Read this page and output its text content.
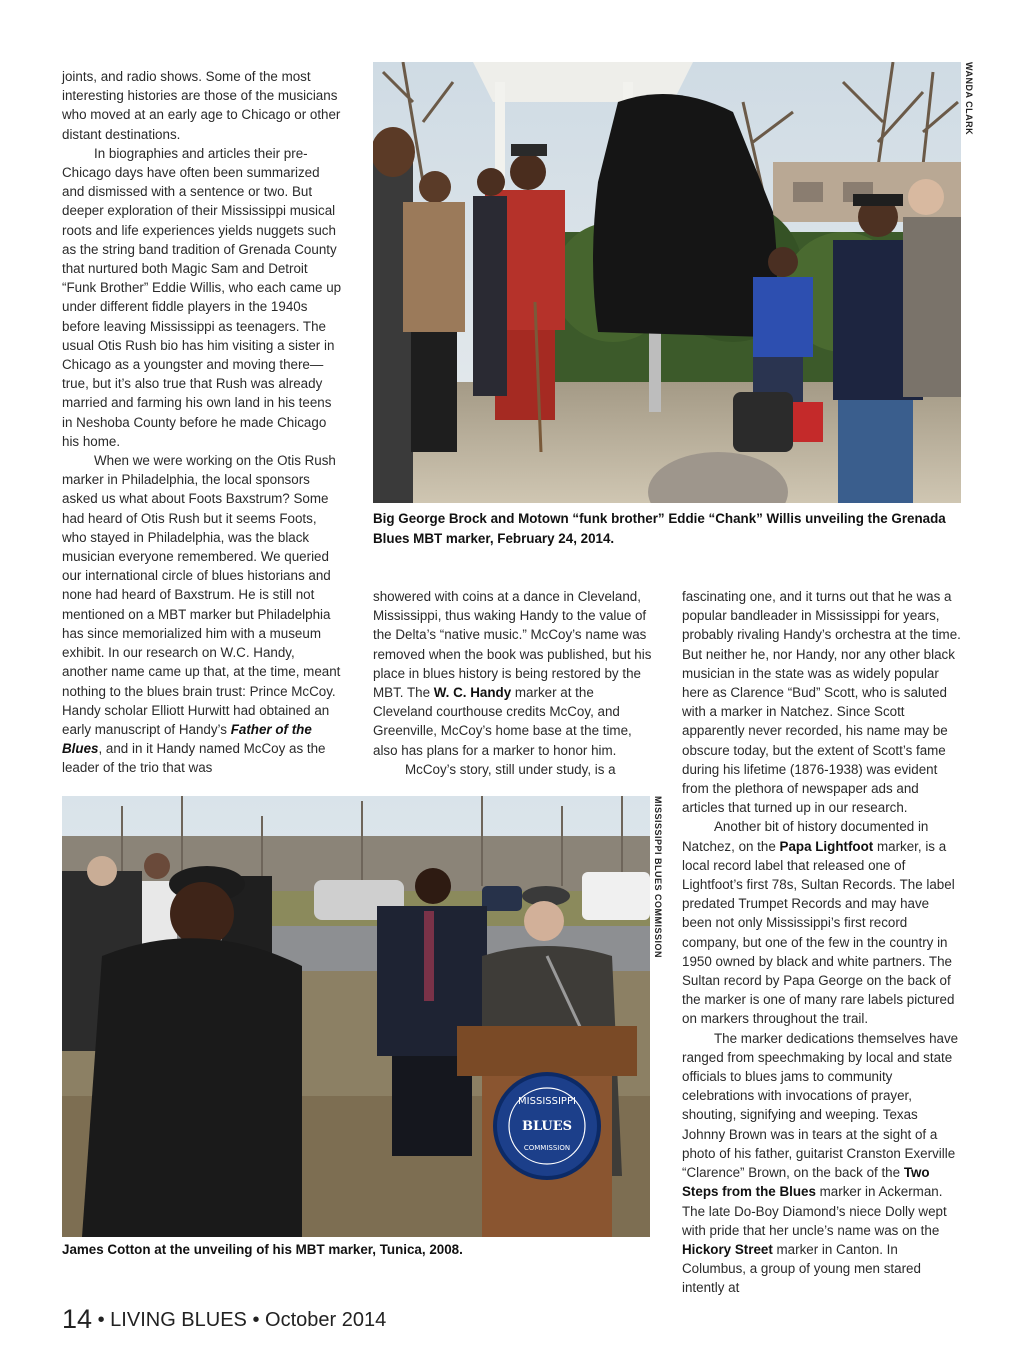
joints, and radio shows. Some of the most interesting histories are those of the musicians who moved at an early age to Chicago or other distant destinations.

In biographies and articles their pre-Chicago days have often been summarized and dismissed with a sentence or two. But deeper exploration of their Mississippi musical roots and life experiences yields nuggets such as the string band tradition of Grenada County that nurtured both Magic Sam and Detroit “Funk Brother” Eddie Willis, who each came up under different fiddle players in the 1940s before leaving Mississippi as teenagers. The usual Otis Rush bio has him visiting a sister in Chicago as a youngster and moving there—true, but it’s also true that Rush was already married and farming his own land in his teens in Neshoba County before he made Chicago his home.

When we were working on the Otis Rush marker in Philadelphia, the local sponsors asked us what about Foots Baxstrum? Some had heard of Otis Rush but it seems Foots, who stayed in Philadelphia, was the black musician everyone remembered. We queried our international circle of blues historians and none had heard of Baxstrum. He is still not mentioned on a MBT marker but Philadelphia has since memorialized him with a museum exhibit. In our research on W.C. Handy, another name came up that, at the time, meant nothing to the blues brain trust: Prince McCoy. Handy scholar Elliott Hurwitt had obtained an early manuscript of Handy’s Father of the Blues, and in it Handy named McCoy as the leader of the trio that was

WANDA CLARK
Big George Brock and Motown “funk brother” Eddie “Chank” Willis unveiling the Grenada Blues MBT marker, February 24, 2014.

showered with coins at a dance in Cleveland, Mississippi, thus waking Handy to the value of the Delta’s “native music.” McCoy’s name was removed when the book was published, but his place in blues history is being restored by the MBT. The W. C. Handy marker at the Cleveland courthouse credits McCoy, and Greenville, McCoy’s home base at the time, also has plans for a marker to honor him.

McCoy’s story, still under study, is a

fascinating one, and it turns out that he was a popular bandleader in Mississippi for years, probably rivaling Handy’s orchestra at the time. But neither he, nor Handy, nor any other black musician in the state was as widely popular here as Clarence “Bud” Scott, who is saluted with a marker in Natchez. Since Scott apparently never recorded, his name may be obscure today, but the extent of Scott’s fame during his lifetime (1876-1938) was evident from the plethora of newspaper ads and articles that turned up in our research.

Another bit of history documented in Natchez, on the Papa Lightfoot marker, is a local record label that released one of Lightfoot’s first 78s, Sultan Records. The label predated Trumpet Records and may have been not only Mississippi’s first record company, but one of the few in the country in 1950 owned by black and white partners. The Sultan record by Papa George on the back of the marker is one of many rare labels pictured on markers throughout the trail.

The marker dedications themselves have ranged from speechmaking by local and state officials to blues jams to community celebrations with invocations of prayer, shouting, signifying and weeping. Texas Johnny Brown was in tears at the sight of a photo of his father, guitarist Cranston Exerville “Clarence” Brown, on the back of the Two Steps from the Blues marker in Ackerman. The late Do-Boy Diamond’s niece Dolly wept with pride that her uncle’s name was on the Hickory Street marker in Canton. In Columbus, a group of young men stared intently at

MISSISSIPPI
BLUES
COMMISSION
MISSISSIPPI BLUES COMMISSION
James Cotton at the unveiling of his MBT marker, Tunica, 2008.
14 • LIVING BLUES • October 2014
